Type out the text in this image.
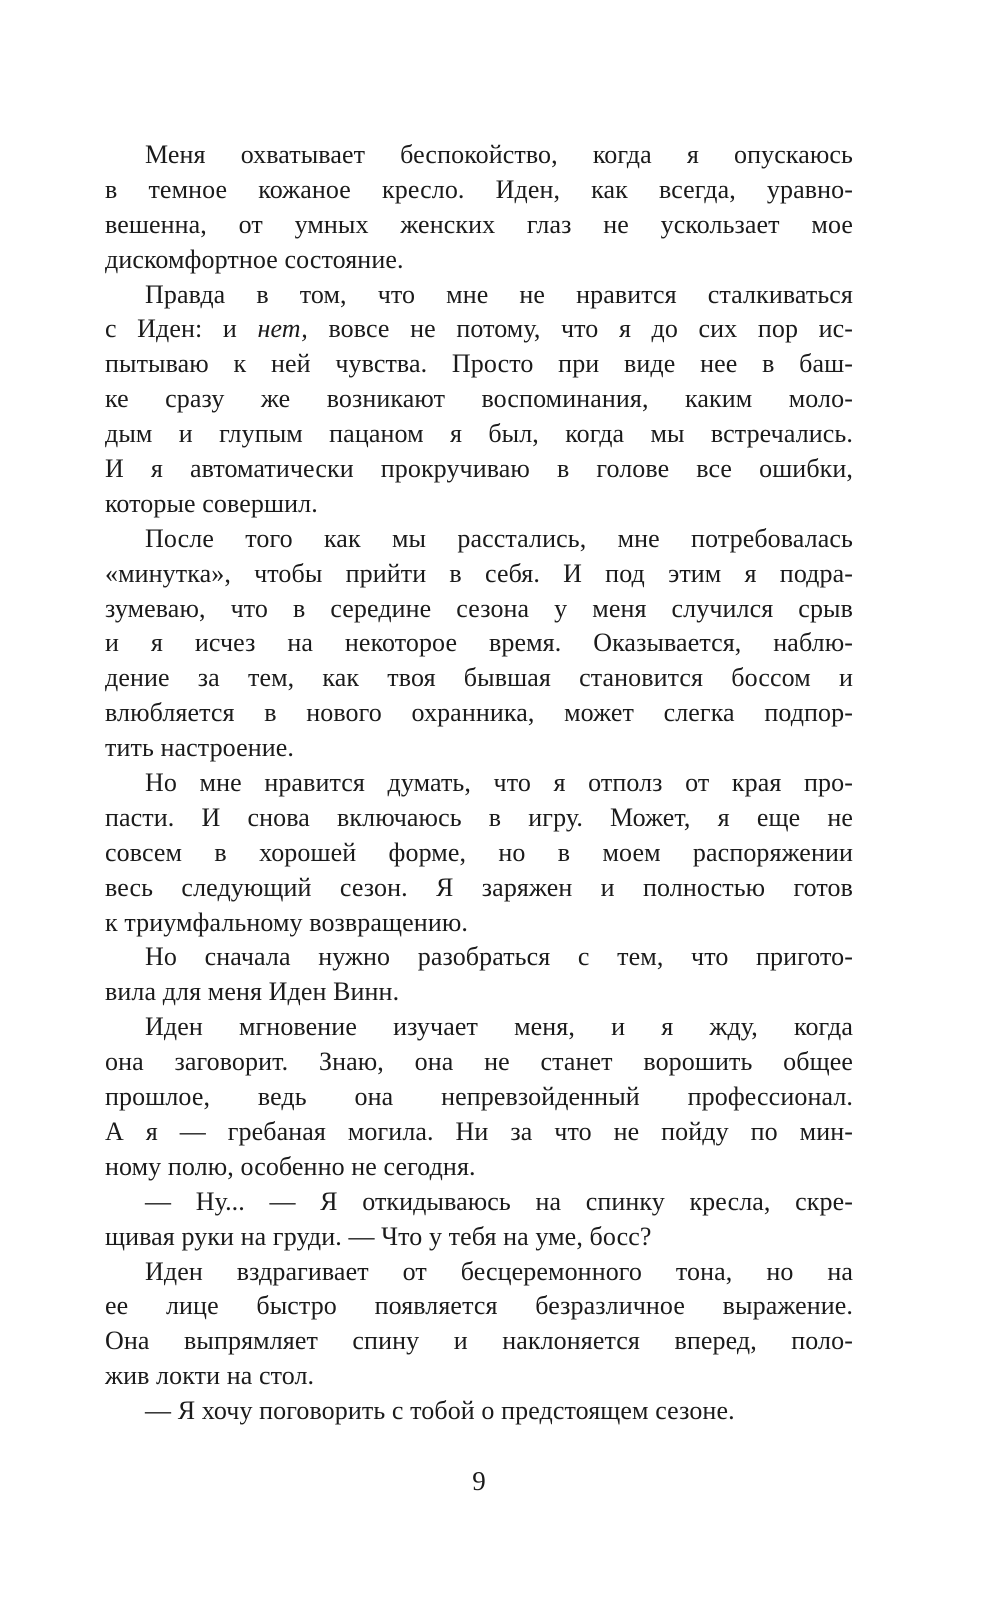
Меня охватывает беспокойство, когда я опускаюсь
в темное кожаное кресло. Иден, как всегда, уравно-
вешенна, от умных женских глаз не ускользает мое
дискомфортное состояние.
Правда в том, что мне не нравится сталкиваться
с Иден: и нет, вовсе не потому, что я до сих пор ис-
пытываю к ней чувства. Просто при виде нее в баш-
ке сразу же возникают воспоминания, каким моло-
дым и глупым пацаном я был, когда мы встречались.
И я автоматически прокручиваю в голове все ошибки,
которые совершил.
После того как мы расстались, мне потребовалась
«минутка», чтобы прийти в себя. И под этим я подра-
зумеваю, что в середине сезона у меня случился срыв
и я исчез на некоторое время. Оказывается, наблю-
дение за тем, как твоя бывшая становится боссом и
влюбляется в нового охранника, может слегка подпор-
тить настроение.
Но мне нравится думать, что я отполз от края про-
пасти. И снова включаюсь в игру. Может, я еще не
совсем в хорошей форме, но в моем распоряжении
весь следующий сезон. Я заряжен и полностью готов
к триумфальному возвращению.
Но сначала нужно разобраться с тем, что пригото-
вила для меня Иден Винн.
Иден мгновение изучает меня, и я жду, когда
она заговорит. Знаю, она не станет ворошить общее
прошлое, ведь она непревзойденный профессионал.
А я — гребаная могила. Ни за что не пойду по мин-
ному полю, особенно не сегодня.
— Ну... — Я откидываюсь на спинку кресла, скре-
щивая руки на груди. — Что у тебя на уме, босс?
Иден вздрагивает от бесцеремонного тона, но на
ее лице быстро появляется безразличное выражение.
Она выпрямляет спину и наклоняется вперед, поло-
жив локти на стол.
— Я хочу поговорить с тобой о предстоящем сезоне.
9
